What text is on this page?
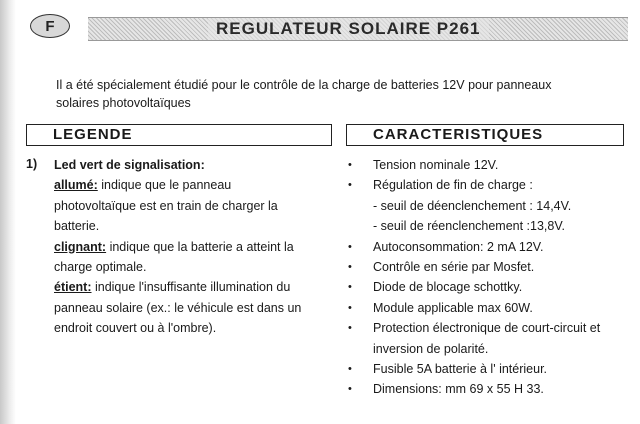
F	REGULATEUR SOLAIRE P261
Il a été spécialement étudié pour le contrôle de la charge de batteries 12V pour panneaux
solaires photovoltaïques
LEGENDE	CARACTERISTIQUES
1) Led vert de signalisation:
allumé: indique que le panneau
photovoltaïque est en train de charger la
batterie.
clignant: indique que la batterie a atteint la
charge optimale.
étient: indique l'insuffisante illumination du
panneau solaire (ex.: le véhicule est dans un
endroit couvert ou à l'ombre).
• Tension nominale 12V.
• Régulation de fin de charge :
- seuil de déenclenchement : 14,4V.
- seuil de réenclenchement :13,8V.
• Autoconsommation: 2 mA 12V.
• Contrôle en série par Mosfet.
• Diode de blocage schottky.
• Module applicable max 60W.
• Protection électronique de court-circuit et
inversion de polarité.
• Fusible 5A batterie à l' intérieur.
• Dimensions: mm 69 x 55 H 33.
